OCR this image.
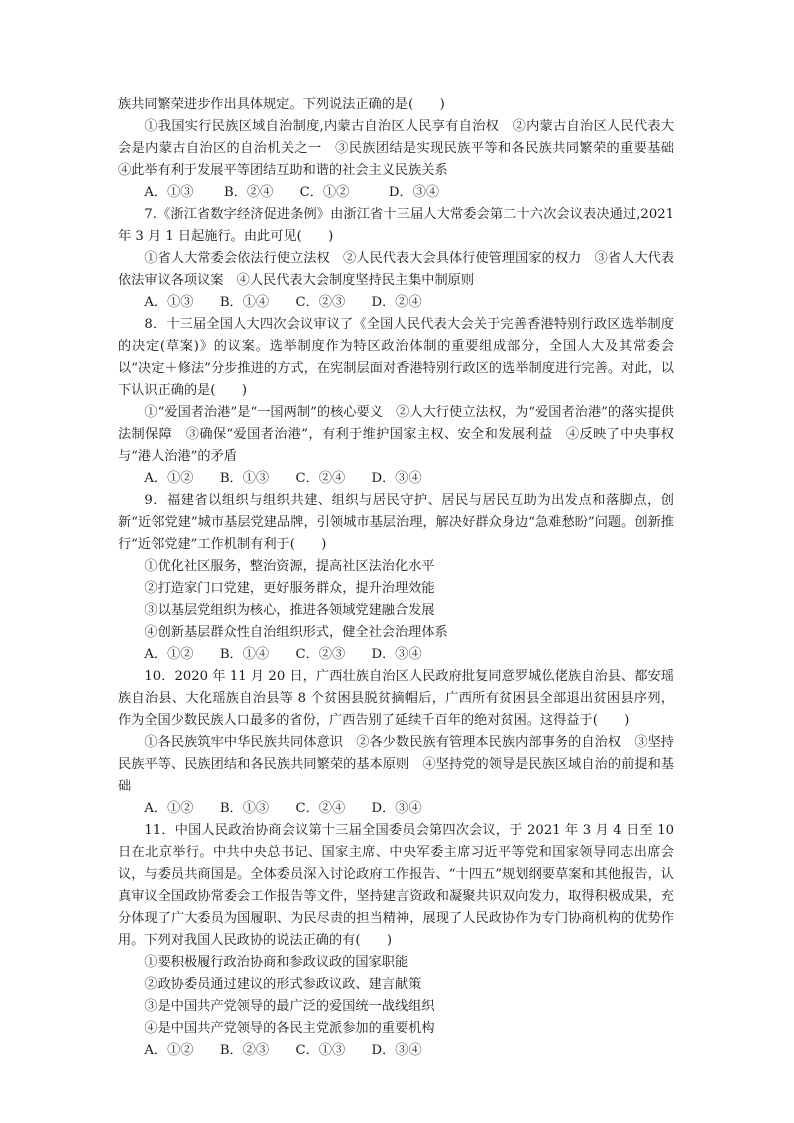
族共同繁荣进步作出具体规定。下列说法正确的是(　　)

①我国实行民族区域自治制度,内蒙古自治区人民享有自治权　②内蒙古自治区人民代表大会是内蒙古自治区的自治机关之一　③民族团结是实现民族平等和各民族共同繁荣的重要基础　④此举有利于发展平等团结互助和谐的社会主义民族关系

A．①③　　 B．②④　　C．①②　　　D．③④

7.《浙江省数字经济促进条例》由浙江省十三届人大常委会第二十六次会议表决通过,2021 年 3 月 1 日起施行。由此可见(　　)

①省人大常委会依法行使立法权　②人民代表大会具体行使管理国家的权力　③省人大代表依法审议各项议案　④人民代表大会制度坚持民主集中制原则

A．①③　　B．①④　　C．②③　　D．②④

8．十三届全国人大四次会议审议了《全国人民代表大会关于完善香港特别行政区选举制度的决定(草案)》的议案。选举制度作为特区政治体制的重要组成部分，全国人大及其常委会以“决定＋修法”分步推进的方式，在宪制层面对香港特别行政区的选举制度进行完善。对此，以下认识正确的是(　　)

①“爱国者治港”是“一国两制”的核心要义　②人大行使立法权，为“爱国者治港”的落实提供法制保障　③确保“爱国者治港”，有利于维护国家主权、安全和发展利益　④反映了中央事权与“港人治港”的矛盾

A．①②　　B．①③　　C．②④　　D．③④

9．福建省以组织与组织共建、组织与居民守护、居民与居民互助为出发点和落脚点，创新“近邻党建”城市基层党建品牌，引领城市基层治理，解决好群众身边“急难愁盼”问题。创新推行“近邻党建”工作机制有利于(　　)

①优化社区服务，整治资源，提高社区法治化水平

②打造家门口党建，更好服务群众，提升治理效能

③以基层党组织为核心，推进各领域党建融合发展

④创新基层群众性自治组织形式，健全社会治理体系

A．①②　　B．①④　　C．②③　　D．③④

10．2020 年 11 月 20 日，广西壮族自治区人民政府批复同意罗城仫佬族自治县、都安瑶族自治县、大化瑶族自治县等 8 个贫困县脱贫摘帽后，广西所有贫困县全部退出贫困县序列，作为全国少数民族人口最多的省份，广西告别了延续千百年的绝对贫困。这得益于(　　)

①各民族筑牢中华民族共同体意识　②各少数民族有管理本民族内部事务的自治权　③坚持民族平等、民族团结和各民族共同繁荣的基本原则　④坚持党的领导是民族区域自治的前提和基础

A．①②　　B．①③　　C．②④　　D．③④

11．中国人民政治协商会议第十三届全国委员会第四次会议，于 2021 年 3 月 4 日至 10 日在北京举行。中共中央总书记、国家主席、中央军委主席习近平等党和国家领导同志出席会议，与委员共商国是。全体委员深入讨论政府工作报告、“十四五”规划纲要草案和其他报告，认真审议全国政协常委会工作报告等文件，坚持建言资政和凝聚共识双向发力，取得积极成果，充分体现了广大委员为国履职、为民尽责的担当精神，展现了人民政协作为专门协商机构的优势作用。下列对我国人民政协的说法正确的有(　　)

①要积极履行政治协商和参政议政的国家职能

②政协委员通过建议的形式参政议政、建言献策

③是中国共产党领导的最广泛的爱国统一战线组织

④是中国共产党领导的各民主党派参加的重要机构

A．①②　　B．②③　　C．①③　　D．③④
